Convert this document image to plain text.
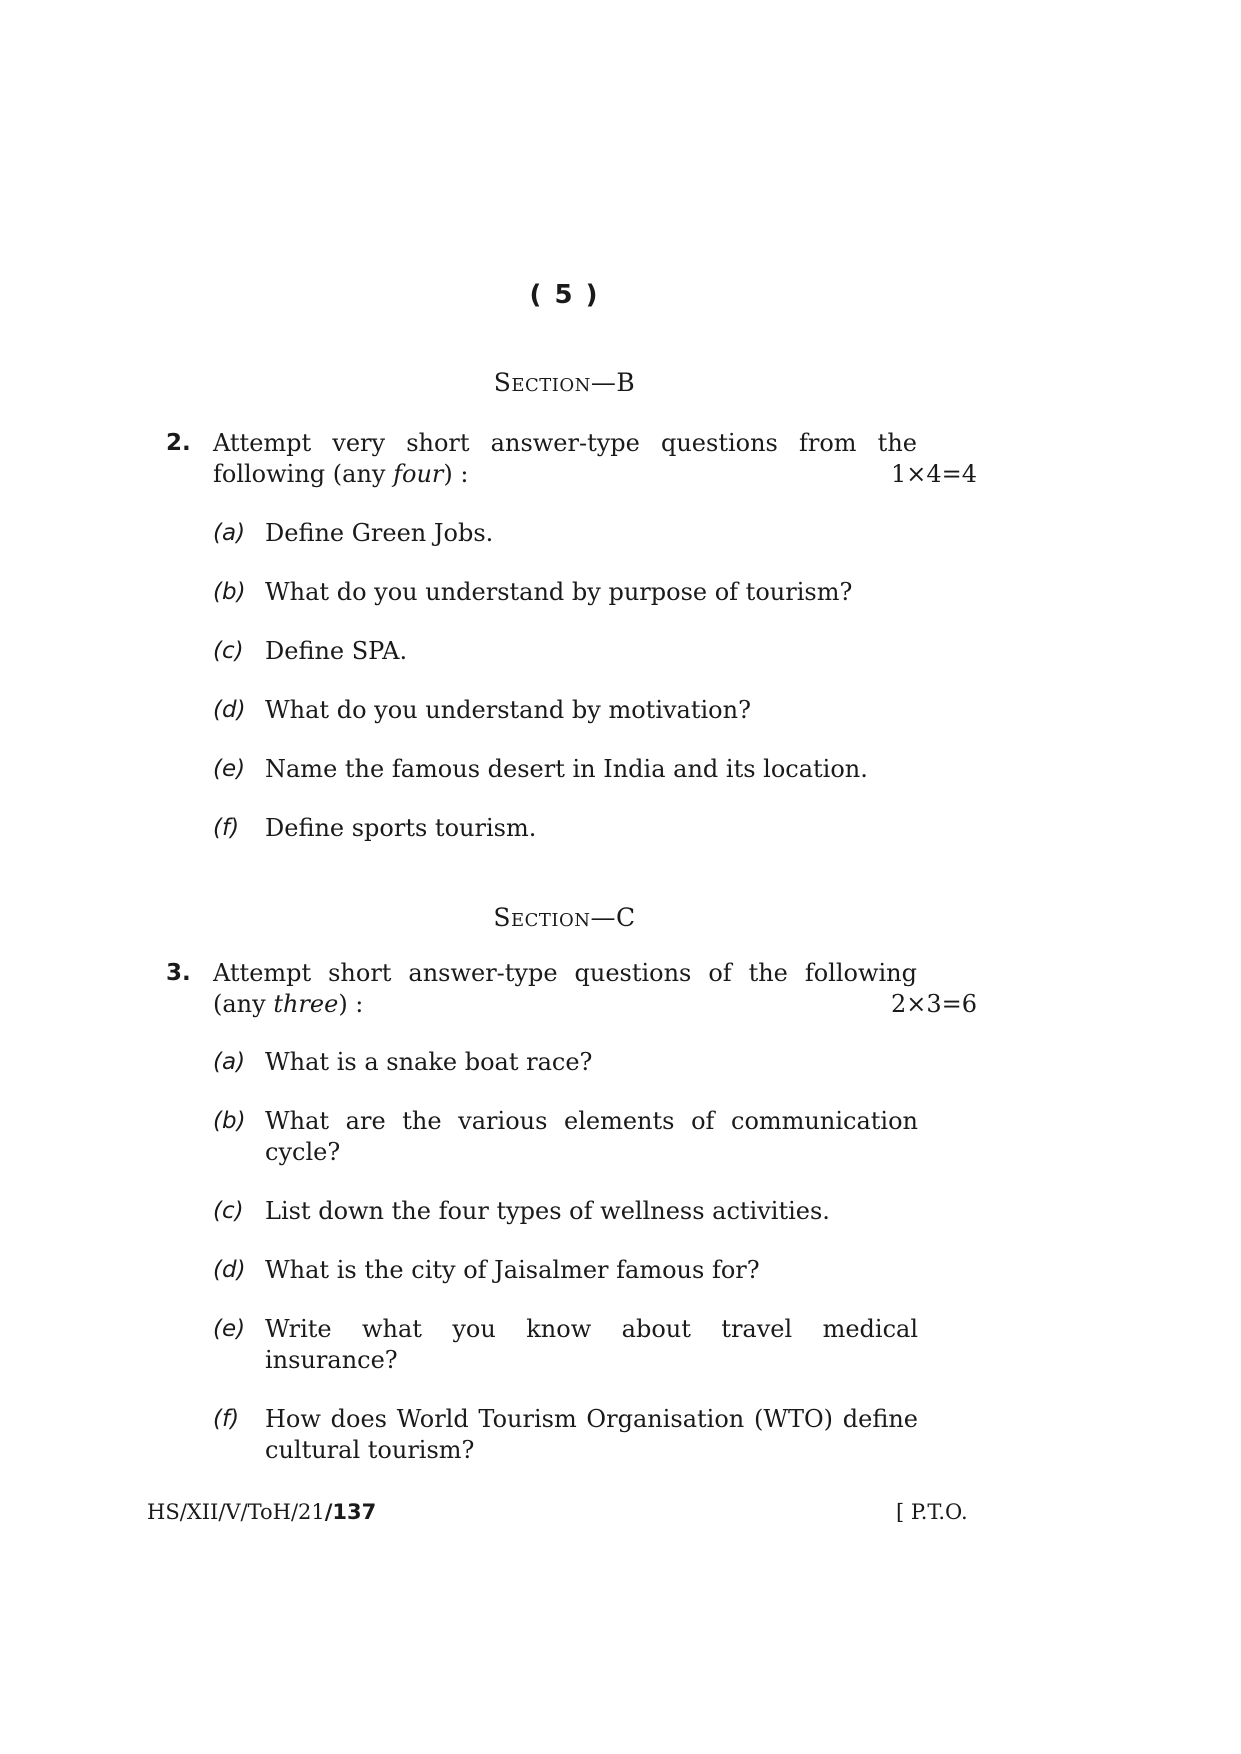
( 5 )
Section—B
2. Attempt very short answer-type questions from the
following (any four) :	1×4=4
(a) Define Green Jobs.
(b) What do you understand by purpose of tourism?
(c) Define SPA.
(d) What do you understand by motivation?
(e) Name the famous desert in India and its location.
(f) Define sports tourism.
Section—C
3. Attempt short answer-type questions of the following
(any three) :	2×3=6
(a) What is a snake boat race?
(b) What are the various elements of communication
cycle?
(c) List down the four types of wellness activities.
(d) What is the city of Jaisalmer famous for?
(e) Write what you know about travel medical
insurance?
(f) How does World Tourism Organisation (WTO) define
cultural tourism?
HS/XII/V/ToH/21/137	[ P.T.O.
